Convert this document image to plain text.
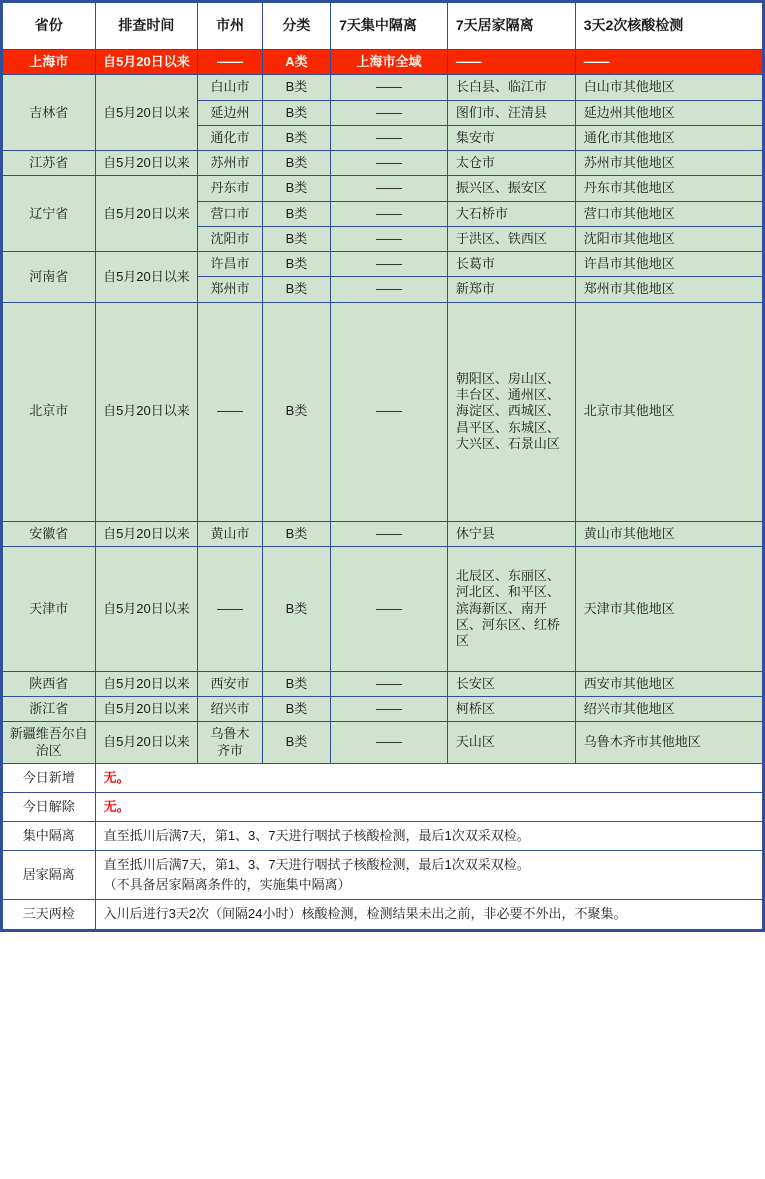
省份	排查时间	市州	分类	7天集中隔离	7天居家隔离	3天2次核酸检测
上海市	自5月20日以来	——	A类	上海市全域	——	——
吉林省	自5月20日以来	白山市	B类	——	长白县、临江市	白山市其他地区
		延边州	B类	——	图们市、汪清县	延边州其他地区
		通化市	B类	——	集安市	通化市其他地区
江苏省	自5月20日以来	苏州市	B类	——	太仓市	苏州市其他地区
辽宁省	自5月20日以来	丹东市	B类	——	振兴区、振安区	丹东市其他地区
		营口市	B类	——	大石桥市	营口市其他地区
		沈阳市	B类	——	于洪区、铁西区	沈阳市其他地区
河南省	自5月20日以来	许昌市	B类	——	长葛市	许昌市其他地区
		郑州市	B类	——	新郑市	郑州市其他地区
北京市	自5月20日以来	——	B类	——	朝阳区、房山区、丰台区、通州区、海淀区、西城区、昌平区、东城区、大兴区、石景山区	北京市其他地区
安徽省	自5月20日以来	黄山市	B类	——	休宁县	黄山市其他地区
天津市	自5月20日以来	——	B类	——	北辰区、东丽区、河北区、和平区、滨海新区、南开区、河东区、红桥区	天津市其他地区
陕西省	自5月20日以来	西安市	B类	——	长安区	西安市其他地区
浙江省	自5月20日以来	绍兴市	B类	——	柯桥区	绍兴市其他地区
新疆维吾尔自治区	自5月20日以来	乌鲁木齐市	B类	——	天山区	乌鲁木齐市其他地区
今日新增	无。					
今日解除	无。					
集中隔离	直至抵川后满7天，第1、3、7天进行咽拭子核酸检测，最后1次双采双检。					
居家隔离	直至抵川后满7天，第1、3、7天进行咽拭子核酸检测，最后1次双采双检。
（不具备居家隔离条件的，实施集中隔离）					

三天两检	入川后进行3天2次（间隔24小时）核酸检测，检测结果未出之前，非必要不外出，不聚集。					
